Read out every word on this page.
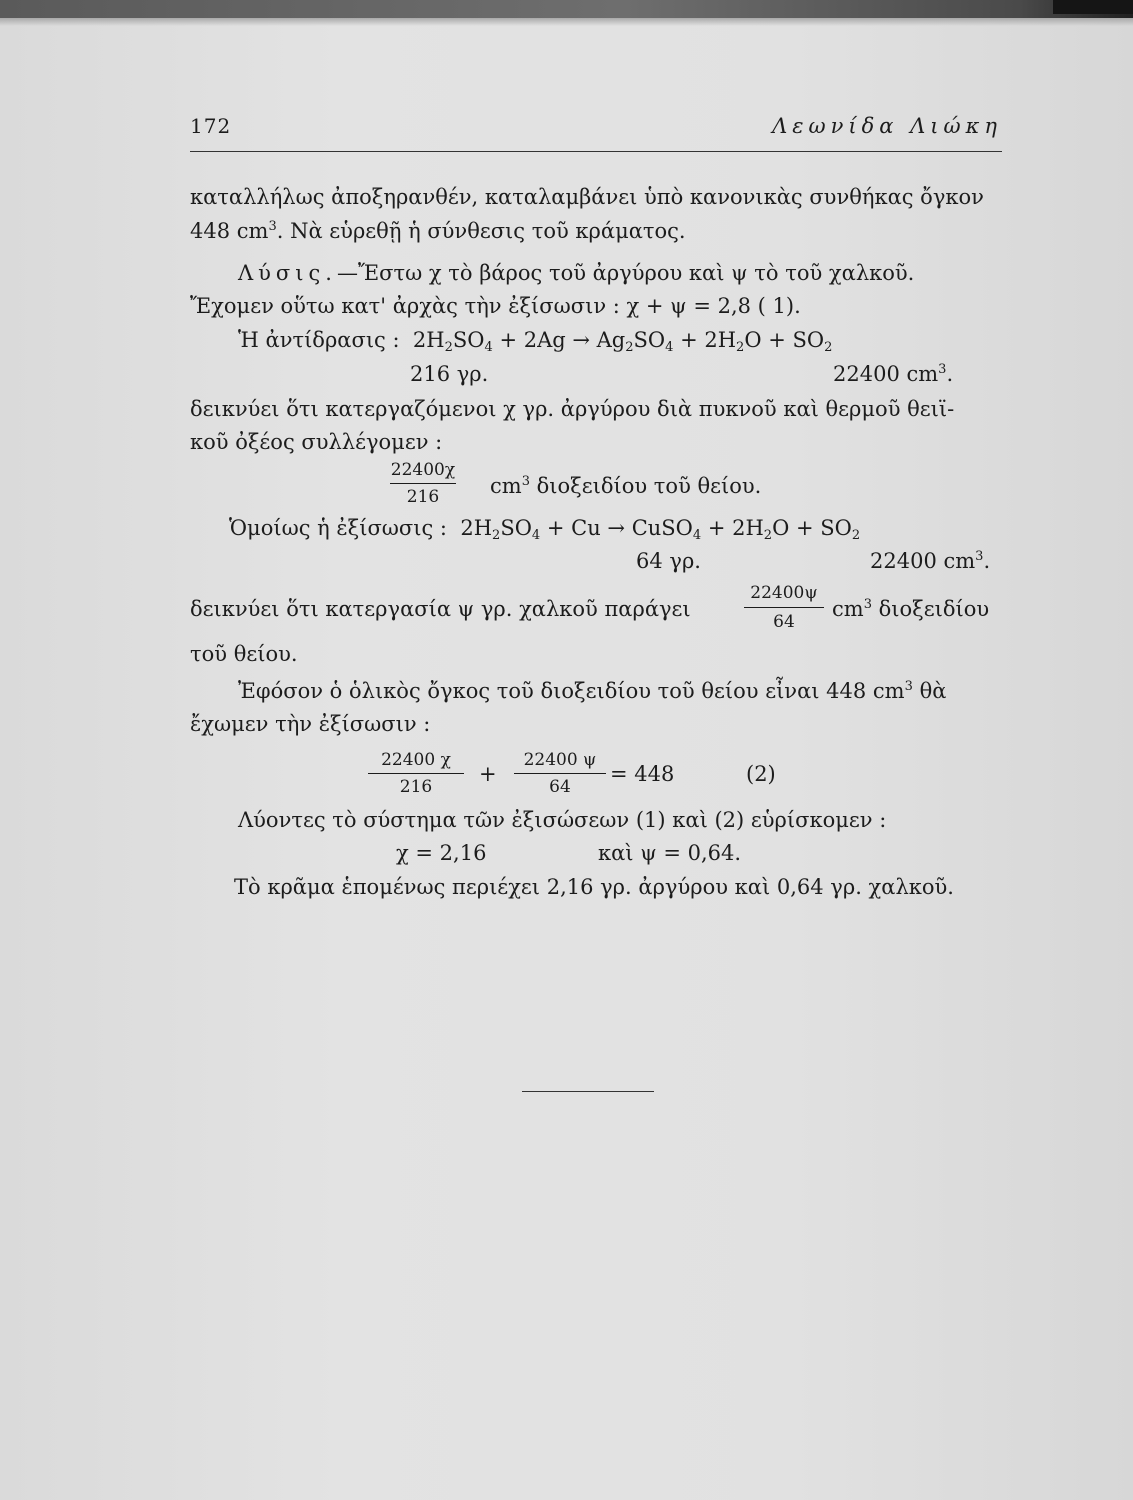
172	Λεωνίδα Λιώκη
καταλλήλως ἀποξηρανθέν, καταλαμβάνει ὑπὸ κανονικὰς συνθήκας ὄγκον
448 $cm^3$. Νὰ εὑρεθῇ ἡ σύνθεσις τοῦ κράματος.
Λύσις.—Ἔστω χ τὸ βάρος τοῦ ἀργύρου καὶ ψ τὸ τοῦ χαλκοῦ.
Ἔχομεν οὕτω κατ' ἀρχὰς τὴν ἐξίσωσιν : χ + ψ = 2,8 ( 1).
Ἡ ἀντίδρασις :  $2H_2SO_4 + 2Ag \to Ag_2SO_4 + 2H_2O + SO_2$
216 γρ.	22400 $cm^3$.
δεικνύει ὅτι κατεργαζόμενοι χ γρ. ἀργύρου διὰ πυκνοῦ καὶ θερμοῦ θειϊ-
κοῦ ὀξέος συλλέγομεν :
22400χ
216	$cm^3$ διοξειδίου τοῦ θείου.
Ὁμοίως ἡ ἐξίσωσις :  $2H_2SO_4 + Cu$ → CuSO$_4$ + $2H_2O + SO_2$
64 γρ.	22400 $cm^3$.
δεικνύει ὅτι κατεργασία ψ γρ. χαλκοῦ παράγει
22400ψ
64
$cm^3$ διοξειδίου
τοῦ θείου.
Ἐφόσον ὁ ὁλικὸς ὄγκος τοῦ διοξειδίου τοῦ θείου εἶναι 448 $cm^3$ θὰ
ἔχωμεν τὴν ἐξίσωσιν :
22400 χ
216
+
22400 ψ
64
= 448	(2)
Λύοντες τὸ σύστημα τῶν ἐξισώσεων (1) καὶ (2) εὑρίσκομεν :
χ = 2,16	καὶ ψ = 0,64.
Τὸ κρᾶμα ἑπομένως περιέχει 2,16 γρ. ἀργύρου καὶ 0,64 γρ. χαλκοῦ.
